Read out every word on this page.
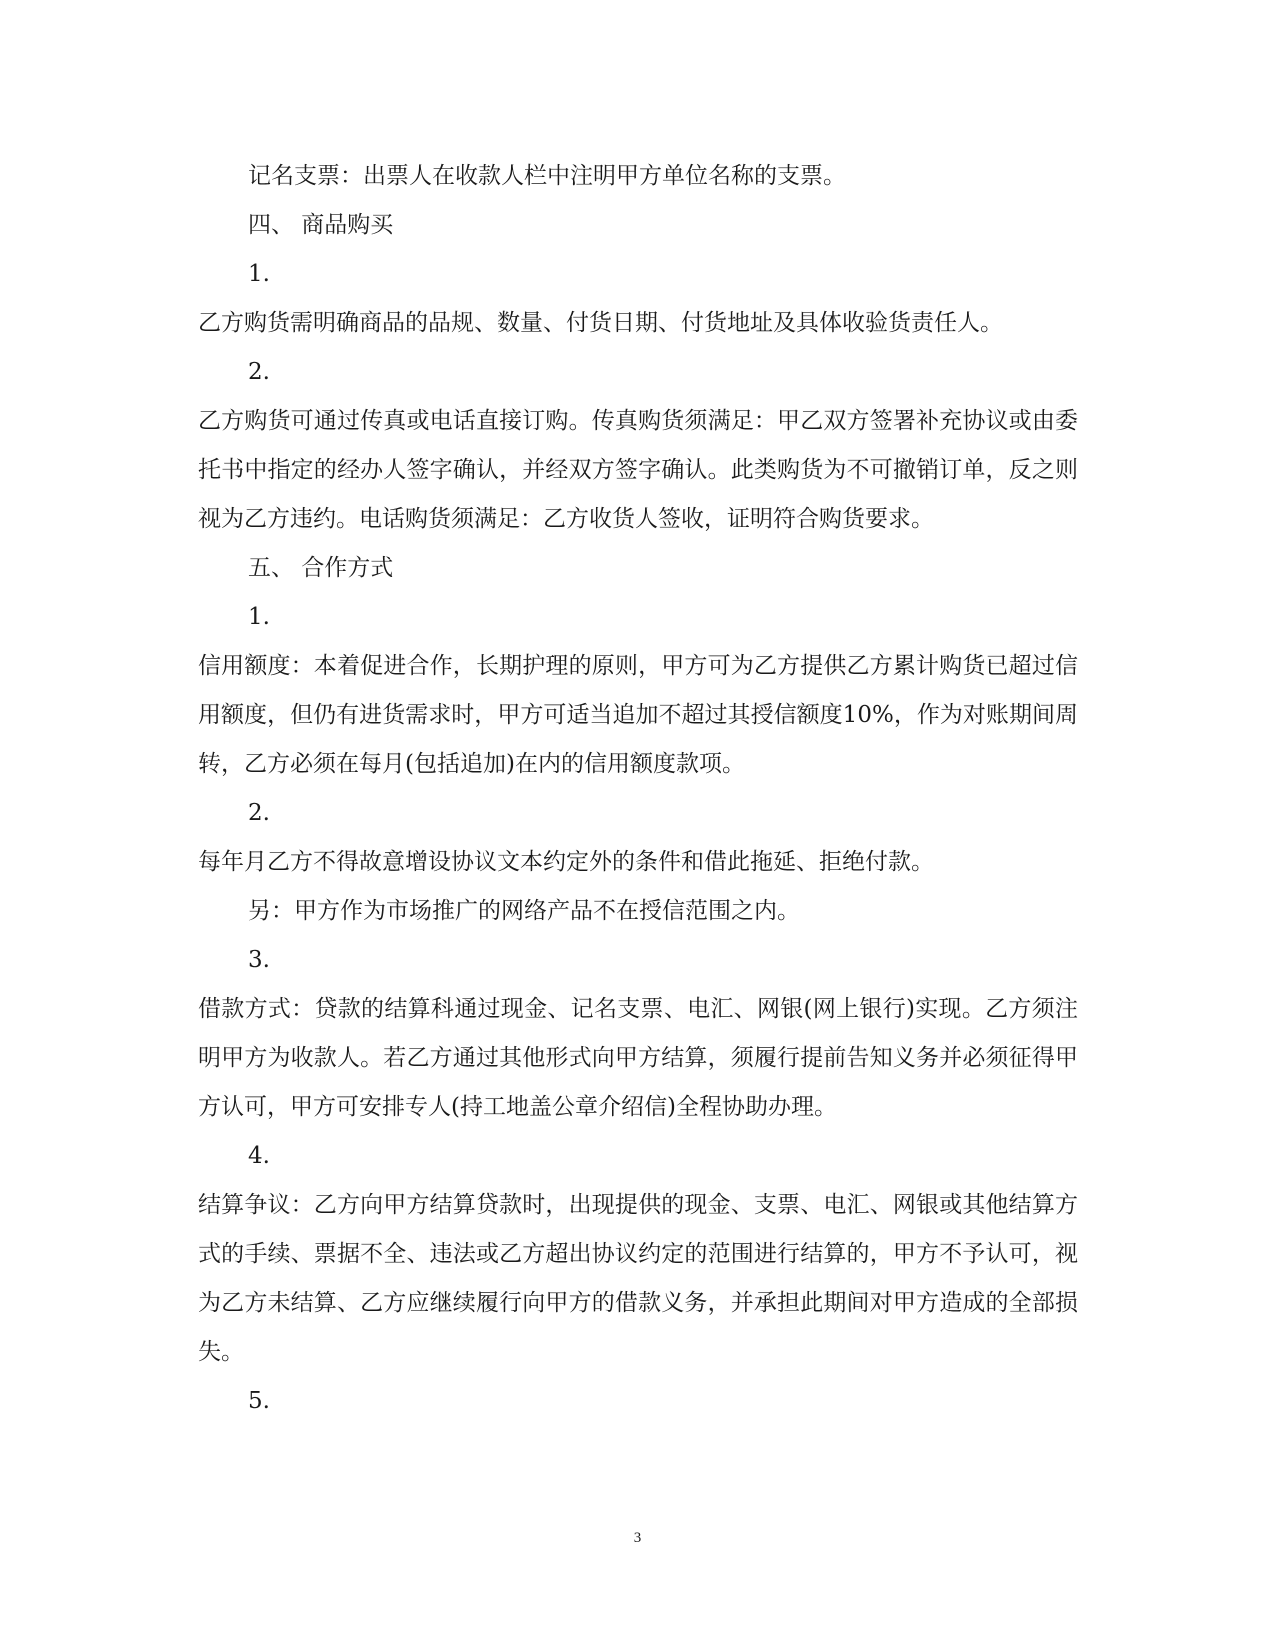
记名支票：出票人在收款人栏中注明甲方单位名称的支票。

四、 商品购买

1.

乙方购货需明确商品的品规、数量、付货日期、付货地址及具体收验货责任人。

2.

乙方购货可通过传真或电话直接订购。传真购货须满足：甲乙双方签署补充协议或由委托书中指定的经办人签字确认，并经双方签字确认。此类购货为不可撤销订单，反之则视为乙方违约。电话购货须满足：乙方收货人签收，证明符合购货要求。

五、 合作方式

1.

信用额度：本着促进合作，长期护理的原则，甲方可为乙方提供乙方累计购货已超过信用额度，但仍有进货需求时，甲方可适当追加不超过其授信额度10%，作为对账期间周转，乙方必须在每月(包括追加)在内的信用额度款项。

2.

每年月乙方不得故意增设协议文本约定外的条件和借此拖延、拒绝付款。

另：甲方作为市场推广的网络产品不在授信范围之内。

3.

借款方式：贷款的结算科通过现金、记名支票、电汇、网银(网上银行)实现。乙方须注明甲方为收款人。若乙方通过其他形式向甲方结算，须履行提前告知义务并必须征得甲方认可，甲方可安排专人(持工地盖公章介绍信)全程协助办理。

4.

结算争议：乙方向甲方结算贷款时，出现提供的现金、支票、电汇、网银或其他结算方式的手续、票据不全、违法或乙方超出协议约定的范围进行结算的，甲方不予认可，视为乙方未结算、乙方应继续履行向甲方的借款义务，并承担此期间对甲方造成的全部损失。

5.

3
